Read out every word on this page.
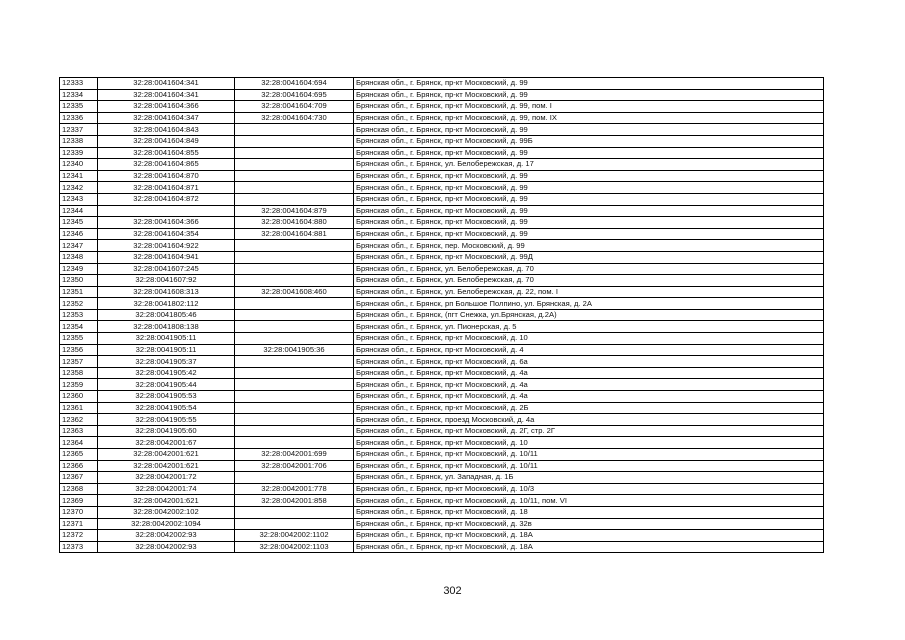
12333	32:28:0041604:341	32:28:0041604:694	Брянская обл., г. Брянск, пр-кт Московский, д. 99
12334	32:28:0041604:341	32:28:0041604:695	Брянская обл., г. Брянск, пр-кт Московский, д. 99
12335	32:28:0041604:366	32:28:0041604:709	Брянская обл., г. Брянск, пр-кт Московский, д. 99, пом. I
12336	32:28:0041604:347	32:28:0041604:730	Брянская обл., г. Брянск, пр-кт Московский, д. 99, пом. IX
12337	32:28:0041604:843		Брянская обл., г. Брянск, пр-кт Московский, д. 99
12338	32:28:0041604:849		Брянская обл., г. Брянск, пр-кт Московский, д. 99Б
12339	32:28:0041604:855		Брянская обл., г. Брянск, пр-кт Московский, д. 99
12340	32:28:0041604:865		Брянская обл., г. Брянск, ул. Белобережская, д. 17
12341	32:28:0041604:870		Брянская обл., г. Брянск, пр-кт Московский, д. 99
12342	32:28:0041604:871		Брянская обл., г. Брянск, пр-кт Московский, д. 99
12343	32:28:0041604:872		Брянская обл., г. Брянск, пр-кт Московский, д. 99
12344		32:28:0041604:879	Брянская обл., г. Брянск, пр-кт Московский, д. 99
12345	32:28:0041604:366	32:28:0041604:880	Брянская обл., г. Брянск, пр-кт Московский, д. 99
12346	32:28:0041604:354	32:28:0041604:881	Брянская обл., г. Брянск, пр-кт Московский, д. 99
12347	32:28:0041604:922		Брянская обл., г. Брянск, пер. Московский, д. 99
12348	32:28:0041604:941		Брянская обл., г. Брянск, пр-кт Московский, д. 99Д
12349	32:28:0041607:245		Брянская обл., г. Брянск, ул. Белобережская, д. 70
12350	32:28:0041607:92		Брянская обл., г. Брянск, ул. Белобережская, д. 70
12351	32:28:0041608:313	32:28:0041608:460	Брянская обл., г. Брянск, ул. Белобережская, д. 22, пом. I
12352	32:28:0041802:112		Брянская обл., г. Брянск, рп Большое Полпино, ул. Брянская, д. 2А
12353	32:28:0041805:46		Брянская обл., г. Брянск, (пгт Снежка, ул.Брянская, д.2А)
12354	32:28:0041808:138		Брянская обл., г. Брянск, ул. Пионерская, д. 5
12355	32:28:0041905:11		Брянская обл., г. Брянск, пр-кт Московский, д. 10
12356	32:28:0041905:11	32:28:0041905:36	Брянская обл., г. Брянск, пр-кт Московский, д. 4
12357	32:28:0041905:37		Брянская обл., г. Брянск, пр-кт Московский, д. 6а
12358	32:28:0041905:42		Брянская обл., г. Брянск, пр-кт Московский, д. 4а
12359	32:28:0041905:44		Брянская обл., г. Брянск, пр-кт Московский, д. 4а
12360	32:28:0041905:53		Брянская обл., г. Брянск, пр-кт Московский, д. 4а
12361	32:28:0041905:54		Брянская обл., г. Брянск, пр-кт Московский, д. 2Б
12362	32:28:0041905:55		Брянская обл., г. Брянск, проезд Московский, д. 4а
12363	32:28:0041905:60		Брянская обл., г. Брянск, пр-кт Московский, д. 2Г, стр. 2Г
12364	32:28:0042001:67		Брянская обл., г. Брянск, пр-кт Московский, д. 10
12365	32:28:0042001:621	32:28:0042001:699	Брянская обл., г. Брянск, пр-кт Московский, д. 10/11
12366	32:28:0042001:621	32:28:0042001:706	Брянская обл., г. Брянск, пр-кт Московский, д. 10/11
12367	32:28:0042001:72		Брянская обл., г. Брянск, ул. Западная, д. 1Б
12368	32:28:0042001:74	32:28:0042001:778	Брянская обл., г. Брянск, пр-кт Московский, д. 10/3
12369	32:28:0042001:621	32:28:0042001:858	Брянская обл., г. Брянск, пр-кт Московский, д. 10/11, пом. VI
12370	32:28:0042002:102		Брянская обл., г. Брянск, пр-кт Московский, д. 18
12371	32:28:0042002:1094		Брянская обл., г. Брянск, пр-кт Московский, д. 32в
12372	32:28:0042002:93	32:28:0042002:1102	Брянская обл., г. Брянск, пр-кт Московский, д. 18А
12373	32:28:0042002:93	32:28:0042002:1103	Брянская обл., г. Брянск, пр-кт Московский, д. 18А
302
